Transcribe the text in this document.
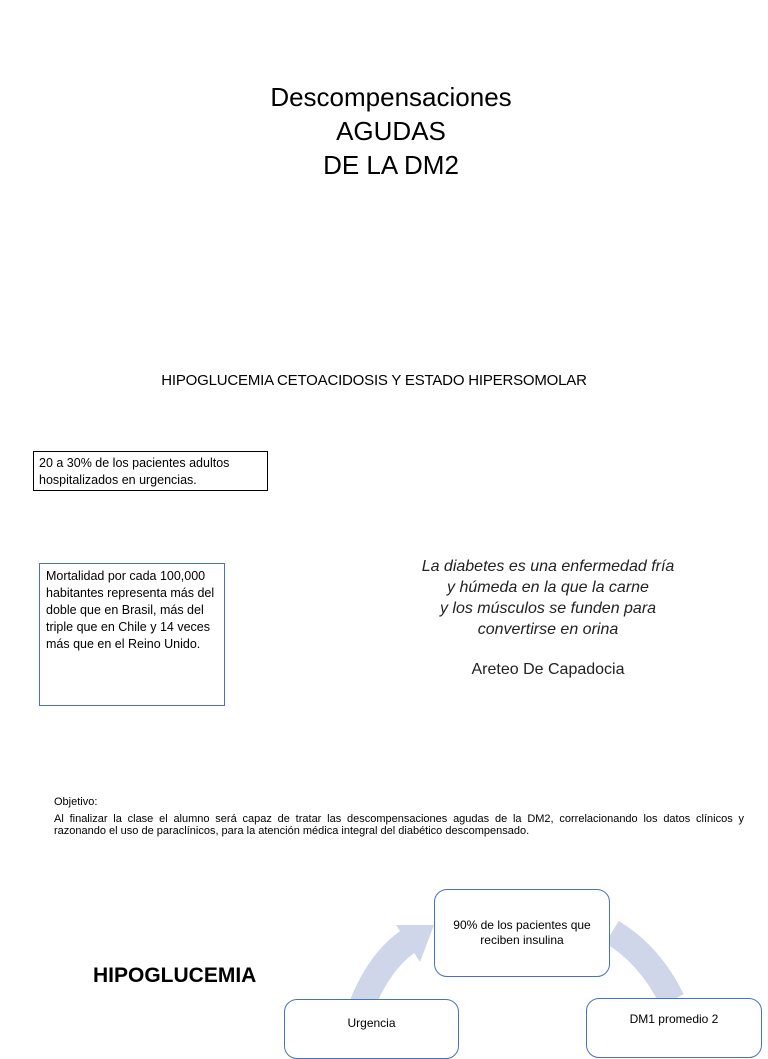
Descompensaciones
AGUDAS
DE LA DM2
HIPOGLUCEMIA CETOACIDOSIS Y ESTADO HIPERSOMOLAR
20 a 30% de los pacientes adultos hospitalizados en urgencias.
Mortalidad por cada 100,000 habitantes representa más del doble que en Brasil, más del triple que en Chile y 14 veces más que en el Reino Unido.
La diabetes es una enfermedad fría
y húmeda en la que la carne
y los músculos se funden para
convertirse en orina
Areteo De Capadocia
Objetivo:
Al finalizar la clase el alumno será capaz de tratar las descompensaciones agudas de la DM2, correlacionando los datos clínicos y razonando el uso de paraclínicos, para la atención médica integral del diabético descompensado.
HIPOGLUCEMIA
90% de los pacientes que reciben insulina
Urgencia	DM1 promedio 2
